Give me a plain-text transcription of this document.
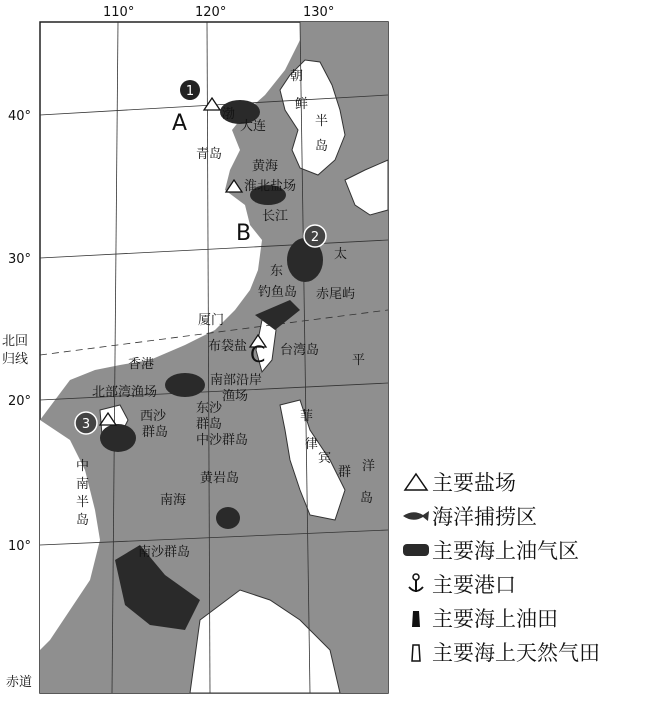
1
2
3
110°	120°	130°
40°
30°
20°
10°
北回
归线
赤道
A
B
C
朝
鲜
半
岛
大连
渤
青岛
黄海
淮北盐场
长江
太
东
钓鱼岛 赤尾屿
厦门
布袋盐	台湾岛
平
香港
北部湾渔场
南部沿岸
渔场
东沙
群岛
西沙
群岛
中沙群岛
黄岩岛
菲
律
宾
群 洋
岛
中
南
半
岛
南海
南沙群岛
主要盐场
海洋捕捞区
主要海上油气区
主要港口
主要海上油田
主要海上天然气田
